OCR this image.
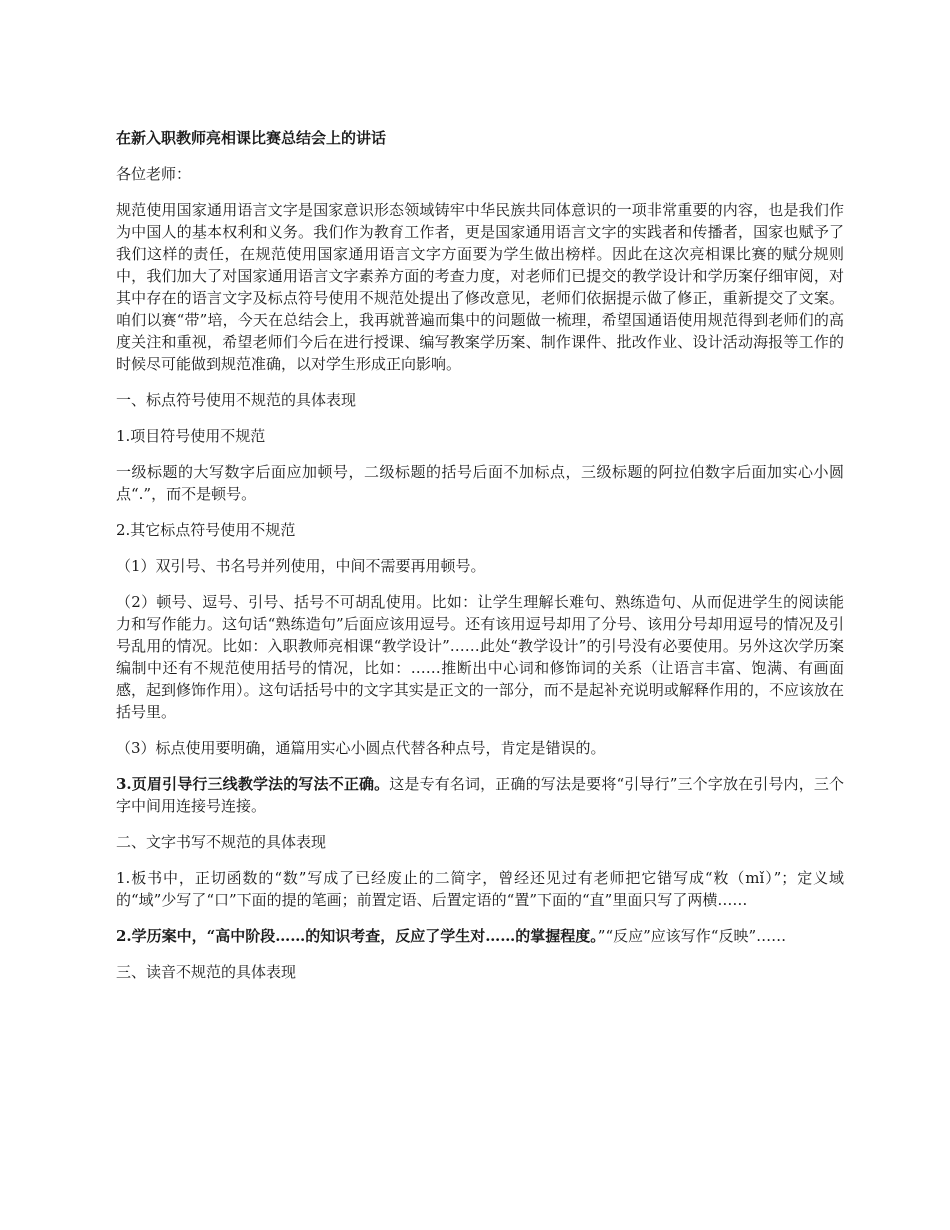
在新入职教师亮相课比赛总结会上的讲话

各位老师：

规范使用国家通用语言文字是国家意识形态领域铸牢中华民族共同体意识的一项非常重要的内容，也是我们作为中国人的基本权利和义务。我们作为教育工作者，更是国家通用语言文字的实践者和传播者，国家也赋予了我们这样的责任，在规范使用国家通用语言文字方面要为学生做出榜样。因此在这次亮相课比赛的赋分规则中，我们加大了对国家通用语言文字素养方面的考查力度，对老师们已提交的教学设计和学历案仔细审阅，对其中存在的语言文字及标点符号使用不规范处提出了修改意见，老师们依据提示做了修正，重新提交了文案。咱们以赛“带”培，今天在总结会上，我再就普遍而集中的问题做一梳理，希望国通语使用规范得到老师们的高度关注和重视，希望老师们今后在进行授课、编写教案学历案、制作课件、批改作业、设计活动海报等工作的时候尽可能做到规范准确，以对学生形成正向影响。

一、标点符号使用不规范的具体表现

1.项目符号使用不规范

一级标题的大写数字后面应加顿号，二级标题的括号后面不加标点，三级标题的阿拉伯数字后面加实心小圆点“.”，而不是顿号。

2.其它标点符号使用不规范

（1）双引号、书名号并列使用，中间不需要再用顿号。

（2）顿号、逗号、引号、括号不可胡乱使用。比如：让学生理解长难句、熟练造句、从而促进学生的阅读能力和写作能力。这句话“熟练造句”后面应该用逗号。还有该用逗号却用了分号、该用分号却用逗号的情况及引号乱用的情况。比如：入职教师亮相课“教学设计”……此处“教学设计”的引号没有必要使用。另外这次学历案编制中还有不规范使用括号的情况，比如：……推断出中心词和修饰词的关系（让语言丰富、饱满、有画面感，起到修饰作用）。这句话括号中的文字其实是正文的一部分，而不是起补充说明或解释作用的，不应该放在括号里。

（3）标点使用要明确，通篇用实心小圆点代替各种点号，肯定是错误的。

3.页眉引导行三线教学法的写法不正确。这是专有名词，正确的写法是要将“引导行”三个字放在引号内，三个字中间用连接号连接。

二、文字书写不规范的具体表现

1.板书中，正切函数的“数”写成了已经废止的二简字，曾经还见过有老师把它错写成“敉（mǐ）”；定义域的“域”少写了“口”下面的提的笔画；前置定语、后置定语的“置”下面的“直”里面只写了两横……

2.学历案中，“高中阶段……的知识考查，反应了学生对……的掌握程度。”“反应”应该写作“反映”……

三、读音不规范的具体表现
